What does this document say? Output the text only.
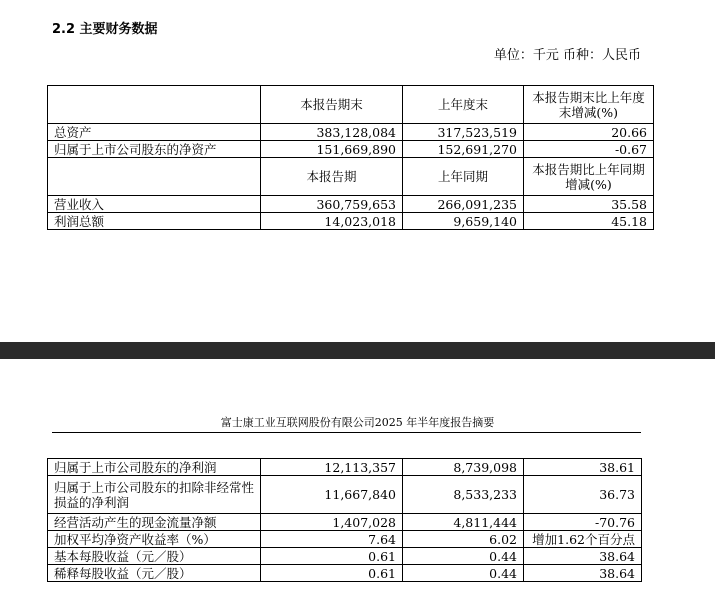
2.2 主要财务数据
单位：千元 币种：人民币
	本报告期末	上年度末	本报告期末比上年度末增减(%)
总资产	383,128,084	317,523,519	20.66
归属于上市公司股东的净资产	151,669,890	152,691,270	-0.67
	本报告期	上年同期	本报告期比上年同期增减(%)
营业收入	360,759,653	266,091,235	35.58
利润总额	14,023,018	9,659,140	45.18
富士康工业互联网股份有限公司2025 年半年度报告摘要
归属于上市公司股东的净利润	12,113,357	8,739,098	38.61
归属于上市公司股东的扣除非经常性损益的净利润	11,667,840	8,533,233	36.73
经营活动产生的现金流量净额	1,407,028	4,811,444	-70.76
加权平均净资产收益率（%）	7.64	6.02	增加1.62个百分点
基本每股收益（元／股）	0.61	0.44	38.64
稀释每股收益（元／股）	0.61	0.44	38.64
